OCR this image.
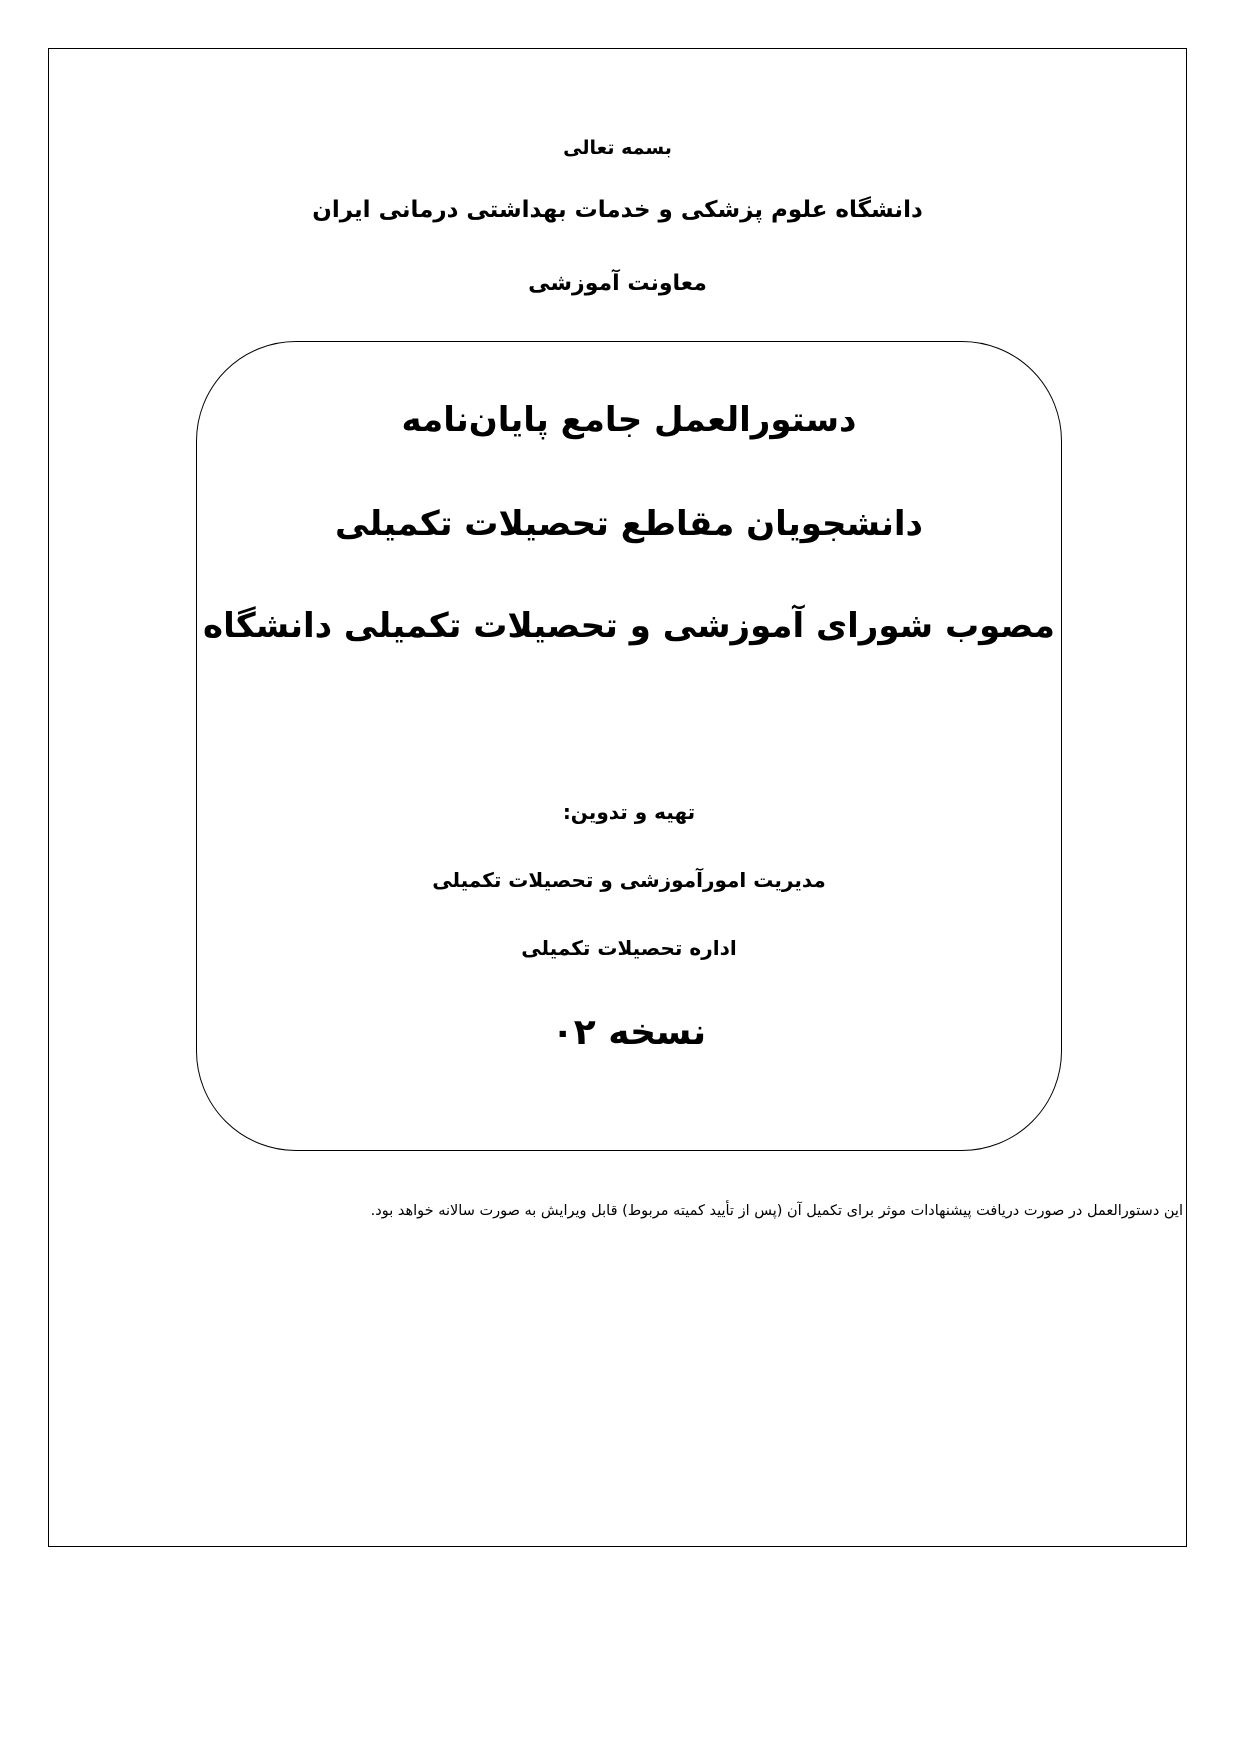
بسمه تعالی
دانشگاه علوم پزشکی و خدمات بهداشتی درمانی ایران
معاونت آموزشی
دستورالعمل جامع پایان‌نامه
دانشجویان مقاطع تحصیلات تکمیلی
مصوب شورای آموزشی و تحصیلات تکمیلی دانشگاه
تهیه و تدوین:
مدیریت امورآموزشی و تحصیلات تکمیلی
اداره تحصیلات تکمیلی
نسخه ۰۲
این دستورالعمل در صورت دریافت پیشنهادات موثر برای تکمیل آن (پس از تأیید کمیته مربوط) قابل ویرایش به صورت سالانه خواهد بود.
